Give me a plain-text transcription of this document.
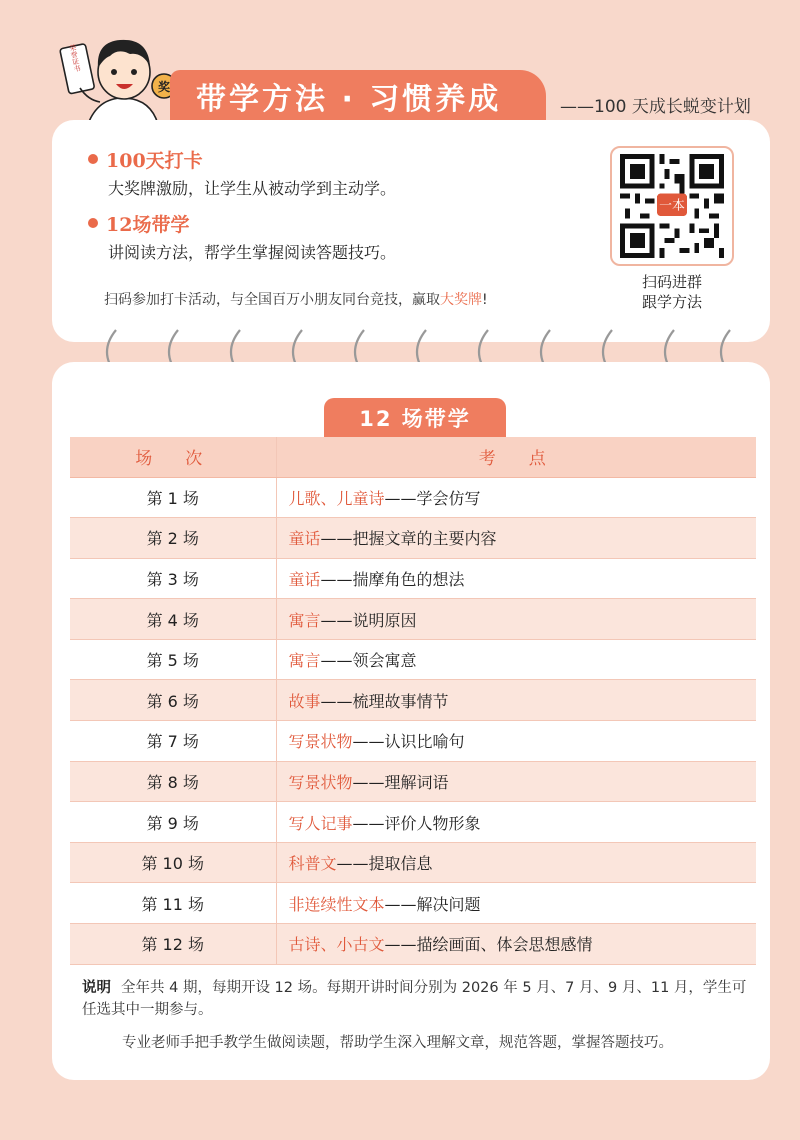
荣誉证书
奖 带学方法 · 习惯养成	——100 天成长蜕变计划
100天打卡
大奖牌激励，让学生从被动学到主动学。
12场带学
讲阅读方法，帮学生掌握阅读答题技巧。
扫码参加打卡活动，与全国百万小朋友同台竞技，赢取大奖牌!
一本
扫码进群
跟学方法
12 场带学
场　次	考　点
第 1 场	儿歌、儿童诗——学会仿写
第 2 场	童话——把握文章的主要内容
第 3 场	童话——揣摩角色的想法
第 4 场	寓言——说明原因
第 5 场	寓言——领会寓意
第 6 场	故事——梳理故事情节
第 7 场	写景状物——认识比喻句
第 8 场	写景状物——理解词语
第 9 场	写人记事——评价人物形象
第 10 场	科普文——提取信息
第 11 场	非连续性文本——解决问题
第 12 场	古诗、小古文——描绘画面、体会思想感情
说明 全年共 4 期，每期开设 12 场。每期开讲时间分别为 2026 年 5 月、7 月、9 月、11 月，学生可任选其中一期参与。
专业老师手把手教学生做阅读题，帮助学生深入理解文章，规范答题，掌握答题技巧。
